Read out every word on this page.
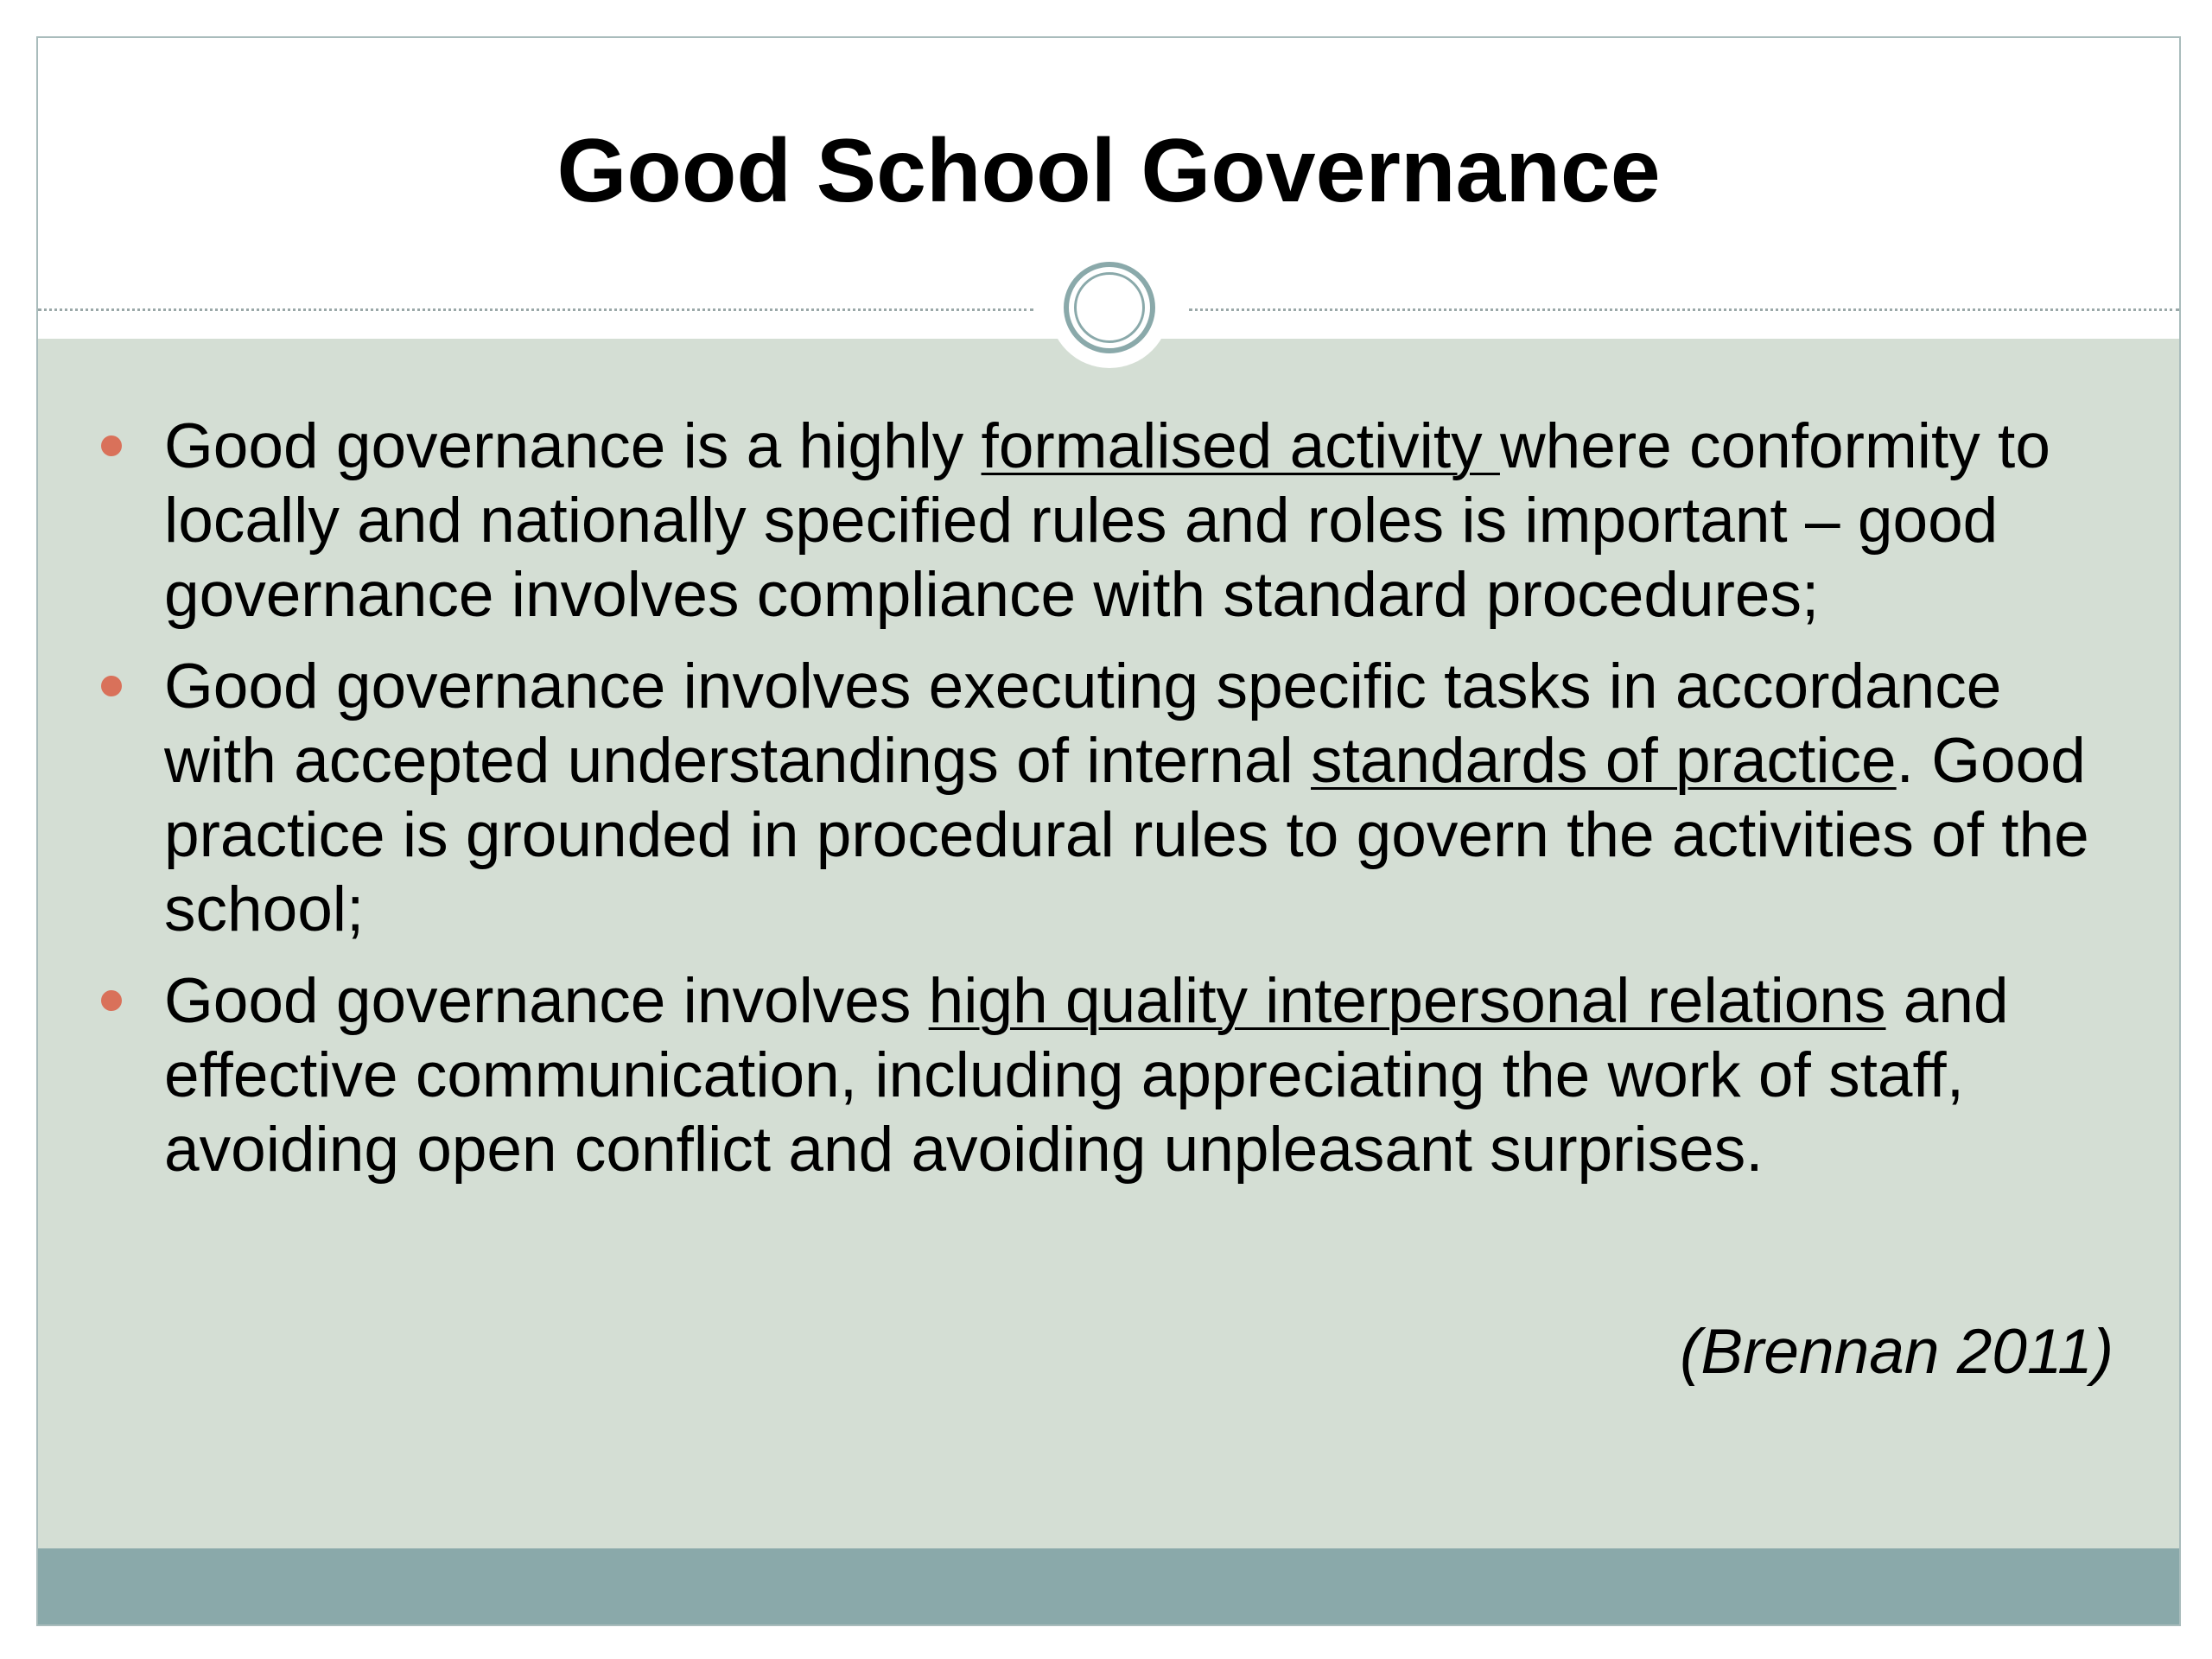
Good School Governance
Good governance is a highly formalised activity where conformity to locally and nationally specified rules and roles is important – good governance involves compliance with standard procedures;
Good governance involves executing specific tasks in accordance with accepted understandings of internal standards of practice. Good practice is grounded in procedural rules to govern the activities of the school;
Good governance involves high quality interpersonal relations and effective communication, including appreciating the work of staff, avoiding open conflict and avoiding unpleasant surprises.
(Brennan 2011)
